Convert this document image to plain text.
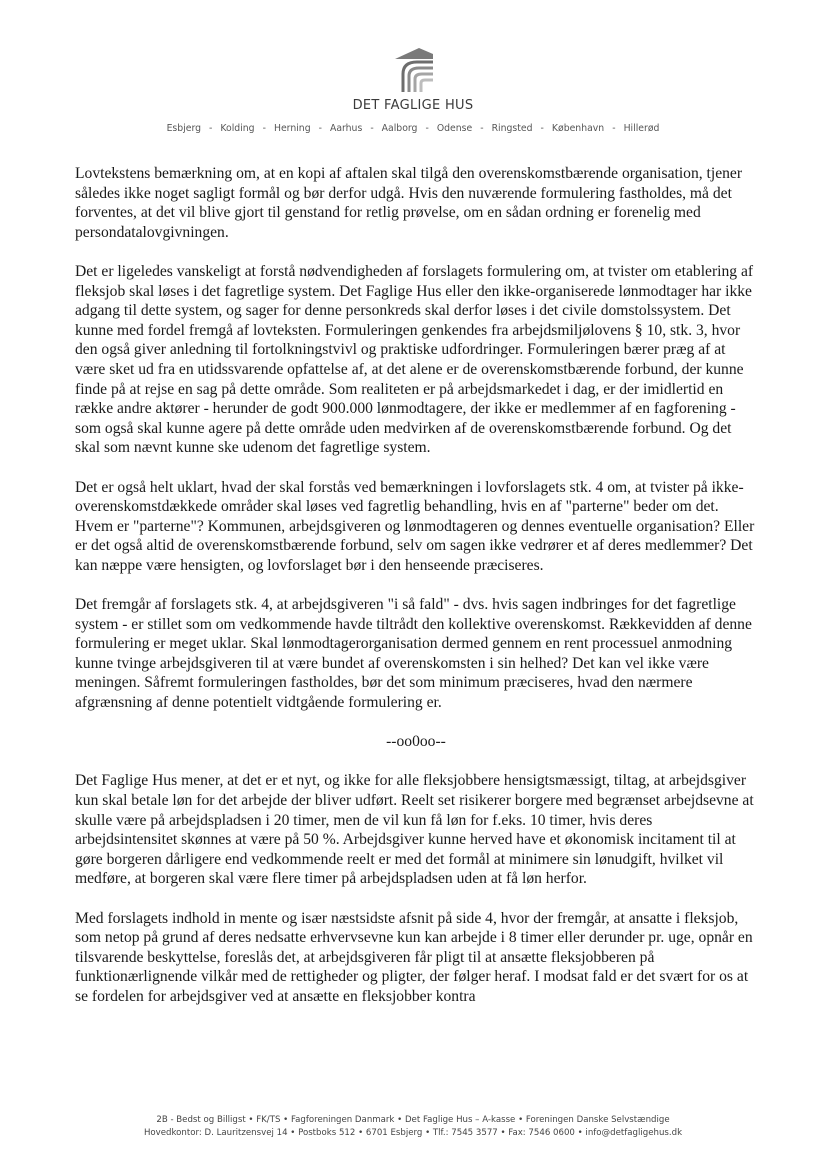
DET FAGLIGE HUS
Esbjerg - Kolding - Herning - Aarhus - Aalborg - Odense - Ringsted - København - Hillerød

Lovtekstens bemærkning om, at en kopi af aftalen skal tilgå den overenskomstbærende organisation, tjener således ikke noget sagligt formål og bør derfor udgå. Hvis den nuværende formulering fastholdes, må det forventes, at det vil blive gjort til genstand for retlig prøvelse, om en sådan ordning er forenelig med persondatalovgivningen.

Det er ligeledes vanskeligt at forstå nødvendigheden af forslagets formulering om, at tvister om etablering af fleksjob skal løses i det fagretlige system. Det Faglige Hus eller den ikke-organiserede lønmodtager har ikke adgang til dette system, og sager for denne personkreds skal derfor løses i det civile domstolssystem. Det kunne med fordel fremgå af lovteksten. Formuleringen genkendes fra arbejdsmiljølovens § 10, stk. 3, hvor den også giver anledning til fortolkningstvivl og praktiske udfordringer. Formuleringen bærer præg af at være sket ud fra en utidssvarende opfattelse af, at det alene er de overenskomstbærende forbund, der kunne finde på at rejse en sag på dette område. Som realiteten er på arbejdsmarkedet i dag, er der imidlertid en række andre aktører - herunder de godt 900.000 lønmodtagere, der ikke er medlemmer af en fagforening - som også skal kunne agere på dette område uden medvirken af de overenskomstbærende forbund. Og det skal som nævnt kunne ske udenom det fagretlige system.

Det er også helt uklart, hvad der skal forstås ved bemærkningen i lovforslagets stk. 4 om, at tvister på ikke-overenskomstdækkede områder skal løses ved fagretlig behandling, hvis en af "parterne" beder om det. Hvem er "parterne"? Kommunen, arbejdsgiveren og lønmodtageren og dennes eventuelle organisation? Eller er det også altid de overenskomstbærende forbund, selv om sagen ikke vedrører et af deres medlemmer? Det kan næppe være hensigten, og lovforslaget bør i den henseende præciseres.

Det fremgår af forslagets stk. 4, at arbejdsgiveren "i så fald" - dvs. hvis sagen indbringes for det fagretlige system - er stillet som om vedkommende havde tiltrådt den kollektive overenskomst. Rækkevidden af denne formulering er meget uklar. Skal lønmodtagerorganisation dermed gennem en rent processuel anmodning kunne tvinge arbejdsgiveren til at være bundet af overenskomsten i sin helhed? Det kan vel ikke være meningen. Såfremt formuleringen fastholdes, bør det som minimum præciseres, hvad den nærmere afgrænsning af denne potentielt vidtgående formulering er.

--oo0oo--

Det Faglige Hus mener, at det er et nyt, og ikke for alle fleksjobbere hensigtsmæssigt, tiltag, at arbejdsgiver kun skal betale løn for det arbejde der bliver udført. Reelt set risikerer borgere med begrænset arbejdsevne at skulle være på arbejdspladsen i 20 timer, men de vil kun få løn for f.eks. 10 timer, hvis deres arbejdsintensitet skønnes at være på 50 %. Arbejdsgiver kunne herved have et økonomisk incitament til at gøre borgeren dårligere end vedkommende reelt er med det formål at minimere sin lønudgift, hvilket vil medføre, at borgeren skal være flere timer på arbejdspladsen uden at få løn herfor.

Med forslagets indhold in mente og især næstsidste afsnit på side 4, hvor der fremgår, at ansatte i fleksjob, som netop på grund af deres nedsatte erhvervsevne kun kan arbejde i 8 timer eller derunder pr. uge, opnår en tilsvarende beskyttelse, foreslås det, at arbejdsgiveren får pligt til at ansætte fleksjobberen på funktionærlignende vilkår med de rettigheder og pligter, der følger heraf. I modsat fald er det svært for os at se fordelen for arbejdsgiver ved at ansætte en fleksjobber kontra

2B - Bedst og Billigst • FK/TS • Fagforeningen Danmark • Det Faglige Hus – A-kasse • Foreningen Danske Selvstændige
Hovedkontor: D. Lauritzensvej 14 • Postboks 512 • 6701 Esbjerg • Tlf.: 7545 3577 • Fax: 7546 0600 • info@detfagligehus.dk
